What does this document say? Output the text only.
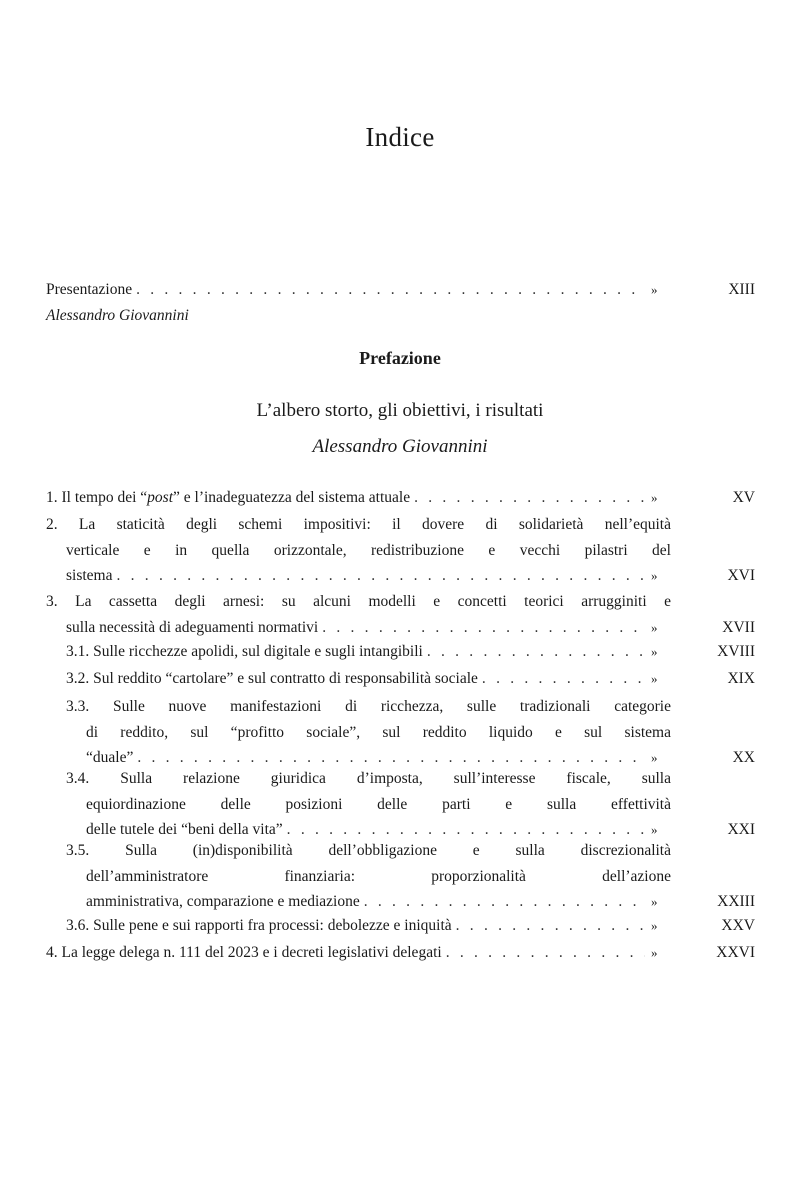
Indice
Presentazione . . .	»	XIII
Alessandro Giovannini
Prefazione
L’albero storto, gli obiettivi, i risultati
Alessandro Giovannini
1. Il tempo dei “post” e l’inadeguatezza del sistema attuale . . .	»	XV
2. La staticità degli schemi impositivi: il dovere di solidarietà nell’equità
verticale e in quella orizzontale, redistribuzione e vecchi pilastri del
sistema . . .	»	XVI
3. La cassetta degli arnesi: su alcuni modelli e concetti teorici arrugginiti e
sulla necessità di adeguamenti normativi . . .	»	XVII
3.1. Sulle ricchezze apolidi, sul digitale e sugli intangibili . . .	»	XVIII
3.2. Sul reddito “cartolare” e sul contratto di responsabilità sociale . . .	»	XIX
3.3. Sulle nuove manifestazioni di ricchezza, sulle tradizionali categorie
di reddito, sul “profitto sociale”, sul reddito liquido e sul sistema
“duale” . . .	»	XX
3.4. Sulla relazione giuridica d’imposta, sull’interesse fiscale, sulla
equiordinazione delle posizioni delle parti e sulla effettività
delle tutele dei “beni della vita” . . .	»	XXI
3.5. Sulla (in)disponibilità dell’obbligazione e sulla discrezionalità
dell’amministratore finanziaria: proporzionalità dell’azione
amministrativa, comparazione e mediazione . . .	»	XXIII
3.6. Sulle pene e sui rapporti fra processi: debolezze e iniquità . . .	»	XXV
4. La legge delega n. 111 del 2023 e i decreti legislativi delegati . . .	»	XXVI
